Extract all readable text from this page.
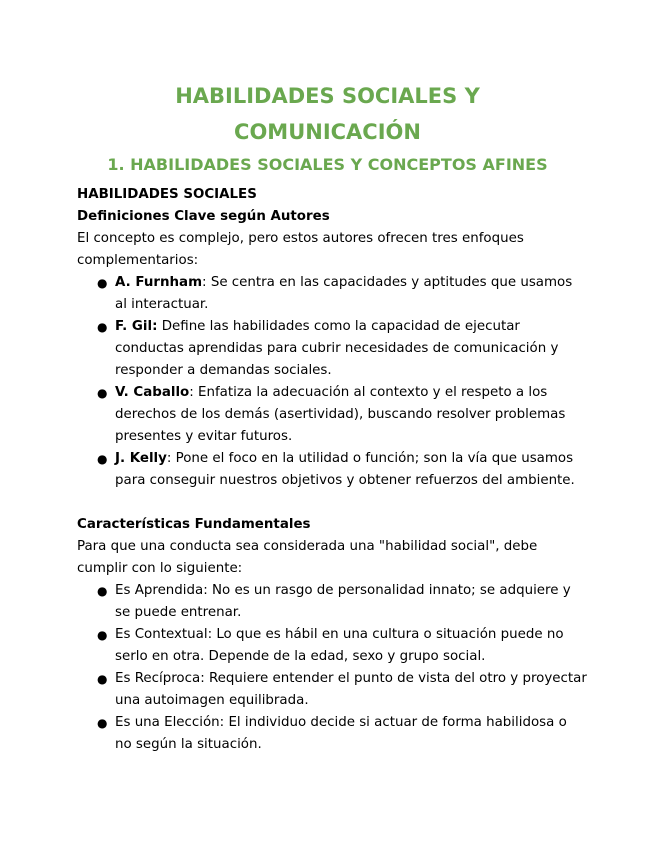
HABILIDADES SOCIALES Y
COMUNICACIÓN
1. HABILIDADES SOCIALES Y CONCEPTOS AFINES

HABILIDADES SOCIALES

Definiciones Clave según Autores

El concepto es complejo, pero estos autores ofrecen tres enfoques complementarios:

● A. Furnham: Se centra en las capacidades y aptitudes que usamos al interactuar.
● F. Gil: Define las habilidades como la capacidad de ejecutar conductas aprendidas para cubrir necesidades de comunicación y responder a demandas sociales.
● V. Caballo: Enfatiza la adecuación al contexto y el respeto a los derechos de los demás (asertividad), buscando resolver problemas presentes y evitar futuros.
● J. Kelly: Pone el foco en la utilidad o función; son la vía que usamos para conseguir nuestros objetivos y obtener refuerzos del ambiente.

Características Fundamentales

Para que una conducta sea considerada una "habilidad social", debe cumplir con lo siguiente:

● Es Aprendida: No es un rasgo de personalidad innato; se adquiere y se puede entrenar.
● Es Contextual: Lo que es hábil en una cultura o situación puede no serlo en otra. Depende de la edad, sexo y grupo social.
● Es Recíproca: Requiere entender el punto de vista del otro y proyectar una autoimagen equilibrada.
● Es una Elección: El individuo decide si actuar de forma habilidosa o no según la situación.
